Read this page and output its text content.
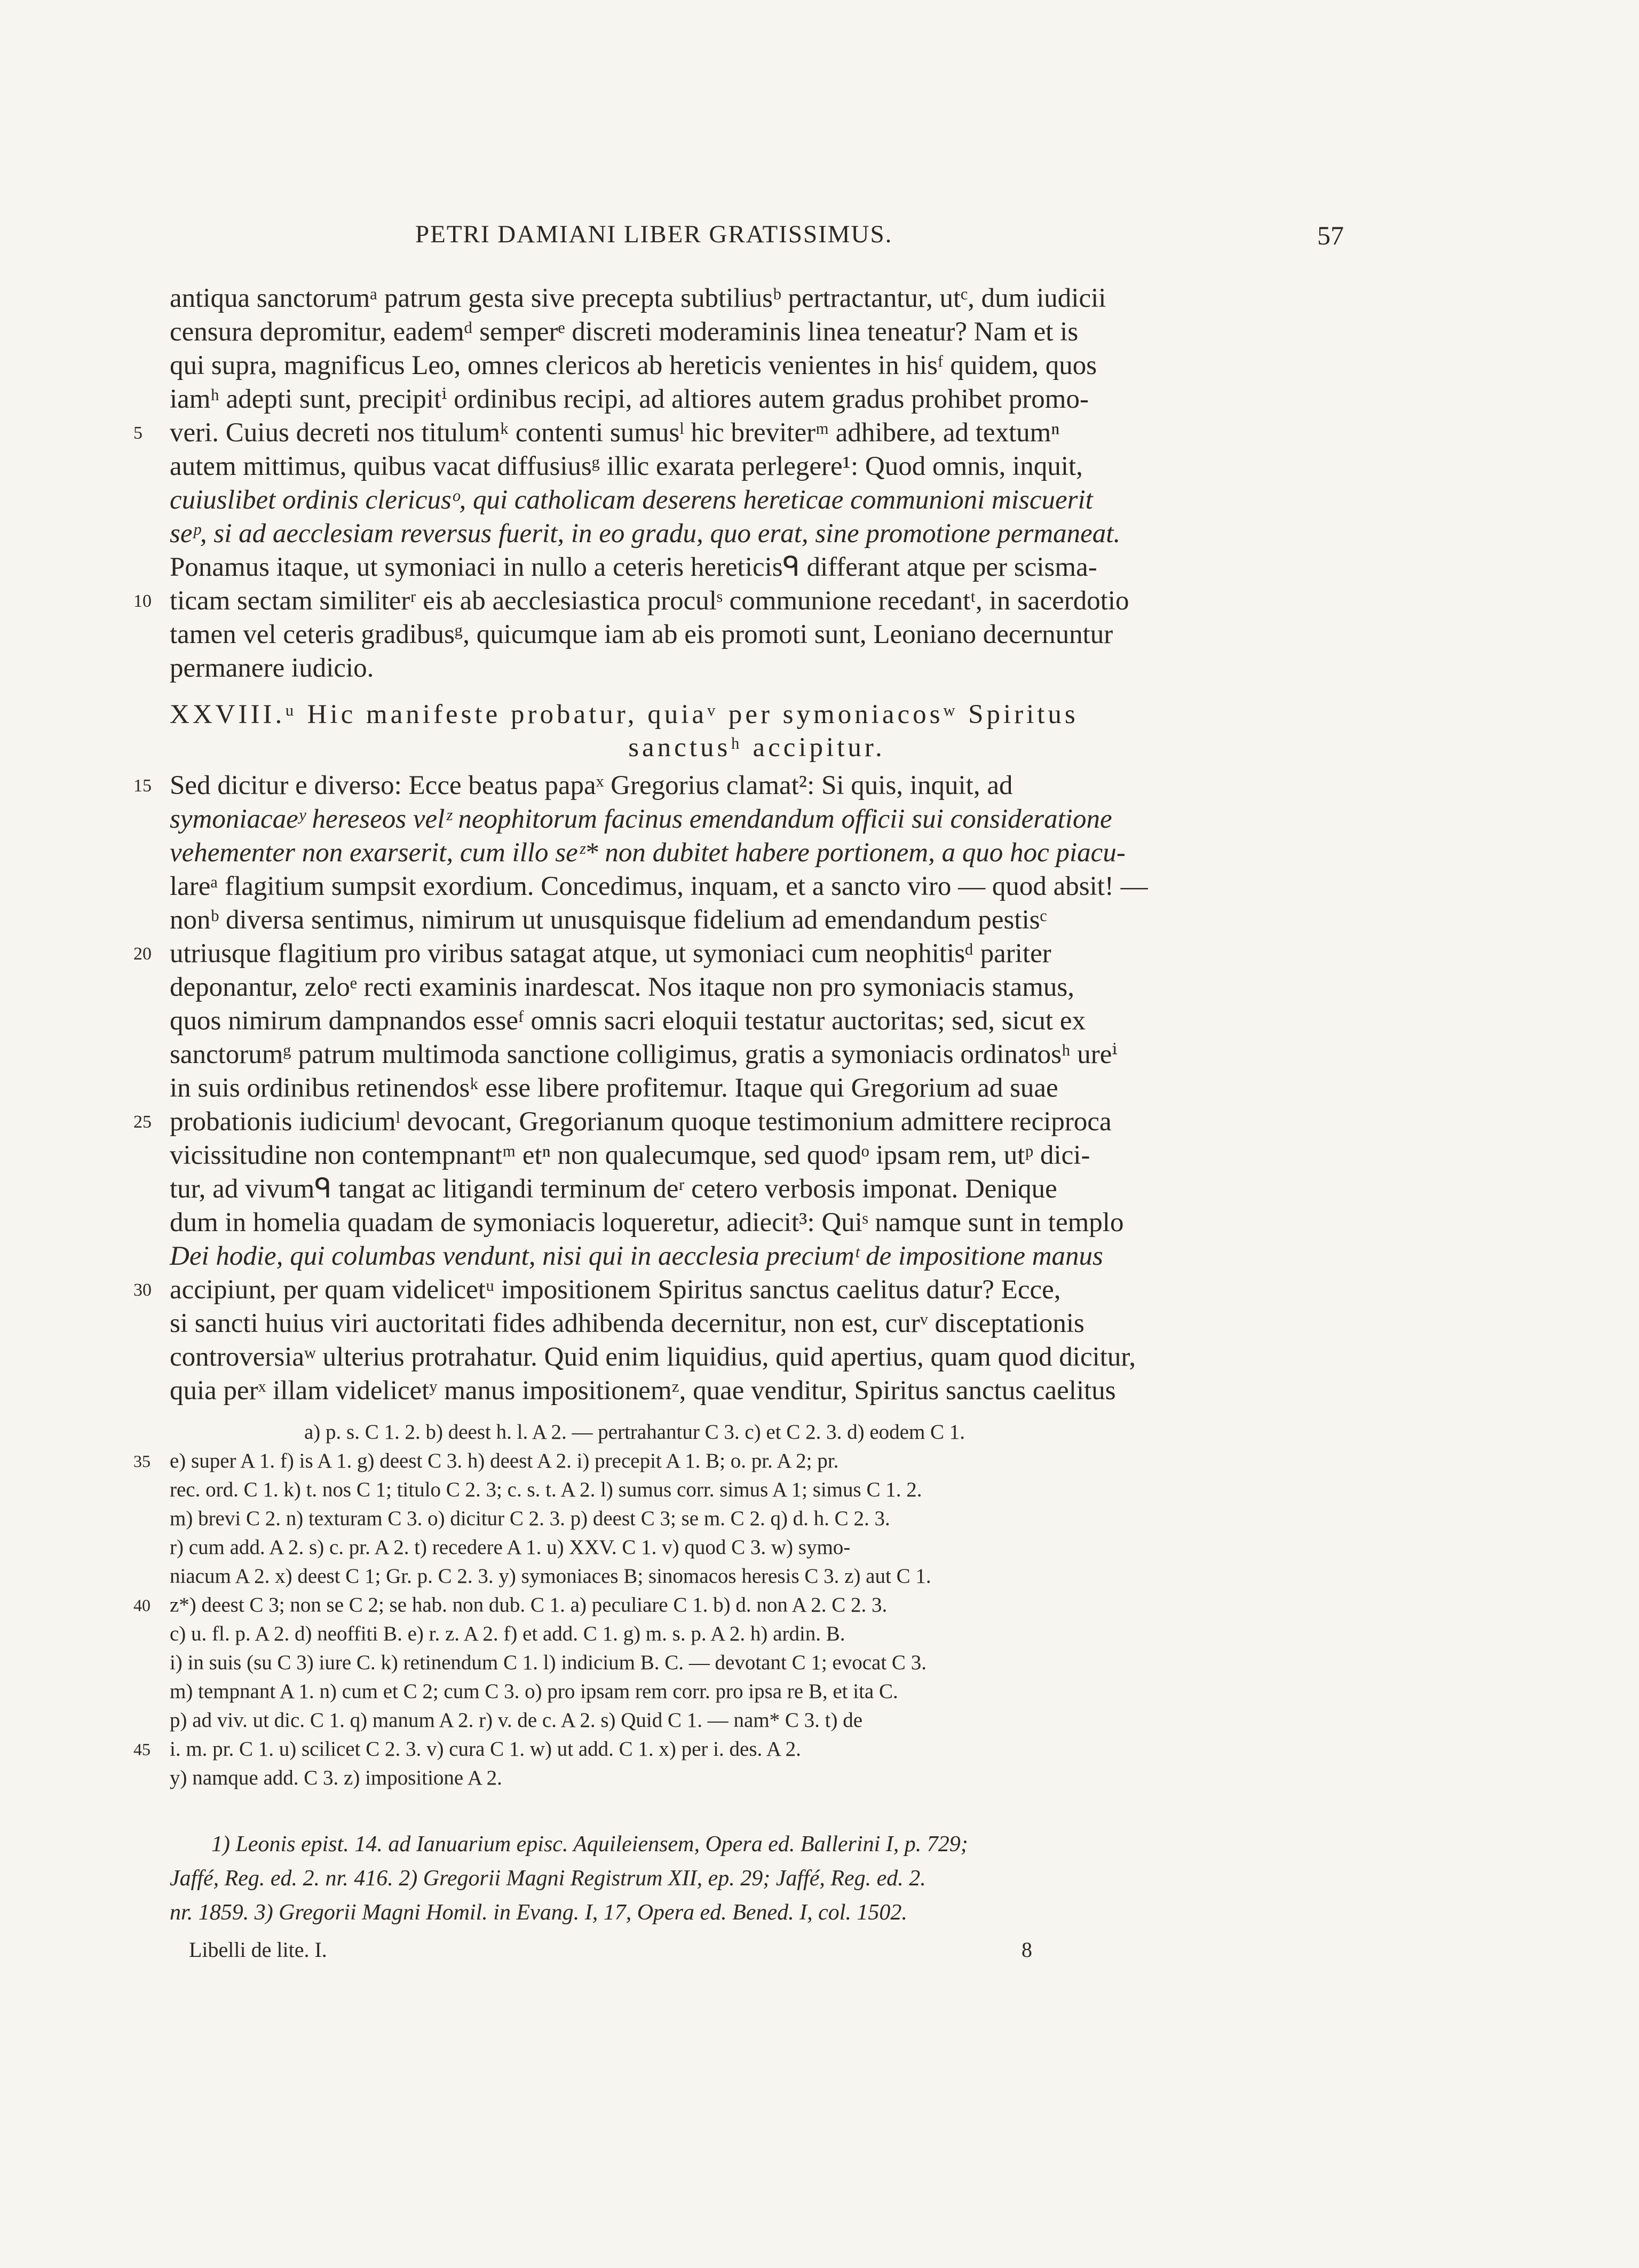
PETRI DAMIANI LIBER GRATISSIMUS.	57
antiqua sanctorumᵃ patrum gesta sive precepta subtiliusᵇ pertractantur, utᶜ, dum iudicii
censura depromitur, eademᵈ semperᵉ discreti moderaminis linea teneatur? Nam et is
qui supra, magnificus Leo, omnes clericos ab hereticis venientes in hisᶠ quidem, quos
iamʰ adepti sunt, precipitⁱ ordinibus recipi, ad altiores autem gradus prohibet promo-
5	veri. Cuius decreti nos titulumᵏ contenti sumusˡ hic breviterᵐ adhibere, ad textumⁿ
autem mittimus, quibus vacat diffusiusᵍ illic exarata perlegere¹: Quod omnis, inquit,
cuiuslibet ordinis clericusᵒ, qui catholicam deserens hereticae communioni miscuerit
seᵖ, si ad aecclesiam reversus fuerit, in eo gradu, quo erat, sine promotione permaneat.
Ponamus itaque, ut symoniaci in nullo a ceteris hereticisᑫ differant atque per scisma-
10 ticam sectam similiterʳ eis ab aecclesiastica proculˢ communione recedantᵗ, in sacerdotio
tamen vel ceteris gradibusᵍ, quicumque iam ab eis promoti sunt, Leoniano decernuntur
permanere iudicio.
XXVIII.ᵘ Hic manifeste probatur, quiaᵛ per symoniacosʷ Spiritus
sanctusʰ accipitur.
15 Sed dicitur e diverso: Ecce beatus papaˣ Gregorius clamat²: Si quis, inquit, ad
symoniacaeʸ hereseos velᶻ neophitorum facinus emendandum officii sui consideratione
vehementer non exarserit, cum illo seᶻ* non dubitet habere portionem, a quo hoc piacu-
lareᵃ flagitium sumpsit exordium. Concedimus, inquam, et a sancto viro — quod absit! —
nonᵇ diversa sentimus, nimirum ut unusquisque fidelium ad emendandum pestisᶜ
20 utriusque flagitium pro viribus satagat atque, ut symoniaci cum neophitisᵈ pariter
deponantur, zeloᵉ recti examinis inardescat. Nos itaque non pro symoniacis stamus,
quos nimirum dampnandos esseᶠ omnis sacri eloquii testatur auctoritas; sed, sicut ex
sanctorumᵍ patrum multimoda sanctione colligimus, gratis a symoniacis ordinatosʰ ureⁱ
in suis ordinibus retinendosᵏ esse libere profitemur. Itaque qui Gregorium ad suae
25 probationis iudiciumˡ devocant, Gregorianum quoque testimonium admittere reciproca
vicissitudine non contempnantᵐ etⁿ non qualecumque, sed quodᵒ ipsam rem, utᵖ dici-
tur, ad vivumᑫ tangat ac litigandi terminum deʳ cetero verbosis imponat. Denique
dum in homelia quadam de symoniacis loqueretur, adiecit³: Quiˢ namque sunt in templo
Dei hodie, qui columbas vendunt, nisi qui in aecclesia preciumᵗ de impositione manus
30 accipiunt, per quam videlicetᵘ impositionem Spiritus sanctus caelitus datur? Ecce,
si sancti huius viri auctoritati fides adhibenda decernitur, non est, curᵛ disceptationis
controversiaʷ ulterius protrahatur. Quid enim liquidius, quid apertius, quam quod dicitur,
quia perˣ illam videlicetʸ manus impositionemᶻ, quae venditur, Spiritus sanctus caelitus
a) p. s. C 1. 2. b) deest h. l. A 2. — pertrahantur C 3. c) et C 2. 3. d) eodem C 1.
35 e) super A 1. f) is A 1. g) deest C 3. h) deest A 2. i) precepit A 1. B; o. pr. A 2; pr.
rec. ord. C 1. k) t. nos C 1; titulo C 2. 3; c. s. t. A 2. l) sumus corr. simus A 1; simus C 1. 2.
m) brevi C 2. n) texturam C 3. o) dicitur C 2. 3. p) deest C 3; se m. C 2. q) d. h. C 2. 3.
r) cum add. A 2. s) c. pr. A 2. t) recedere A 1. u) XXV. C 1. v) quod C 3. w) symo-
niacum A 2. x) deest C 1; Gr. p. C 2. 3. y) symoniaces B; sinomacos heresis C 3. z) aut C 1.
40 z*) deest C 3; non se C 2; se hab. non dub. C 1. a) peculiare C 1. b) d. non A 2. C 2. 3.
c) u. fl. p. A 2. d) neoffiti B. e) r. z. A 2. f) et add. C 1. g) m. s. p. A 2. h) ardin. B.
i) in suis (su C 3) iure C. k) retinendum C 1. l) indicium B. C. — devotant C 1; evocat C 3.
m) tempnant A 1. n) cum et C 2; cum C 3. o) pro ipsam rem corr. pro ipsa re B, et ita C.
p) ad viv. ut dic. C 1. q) manum A 2. r) v. de c. A 2. s) Quid C 1. — nam* C 3. t) de
45 i. m. pr. C 1. u) scilicet C 2. 3. v) cura C 1. w) ut add. C 1. x) per i. des. A 2.
y) namque add. C 3. z) impositione A 2.
1) Leonis epist. 14. ad Ianuarium episc. Aquileiensem, Opera ed. Ballerini I, p. 729;
Jaffé, Reg. ed. 2. nr. 416. 2) Gregorii Magni Registrum XII, ep. 29; Jaffé, Reg. ed. 2.
nr. 1859. 3) Gregorii Magni Homil. in Evang. I, 17, Opera ed. Bened. I, col. 1502.
Libelli de lite. I.	8
